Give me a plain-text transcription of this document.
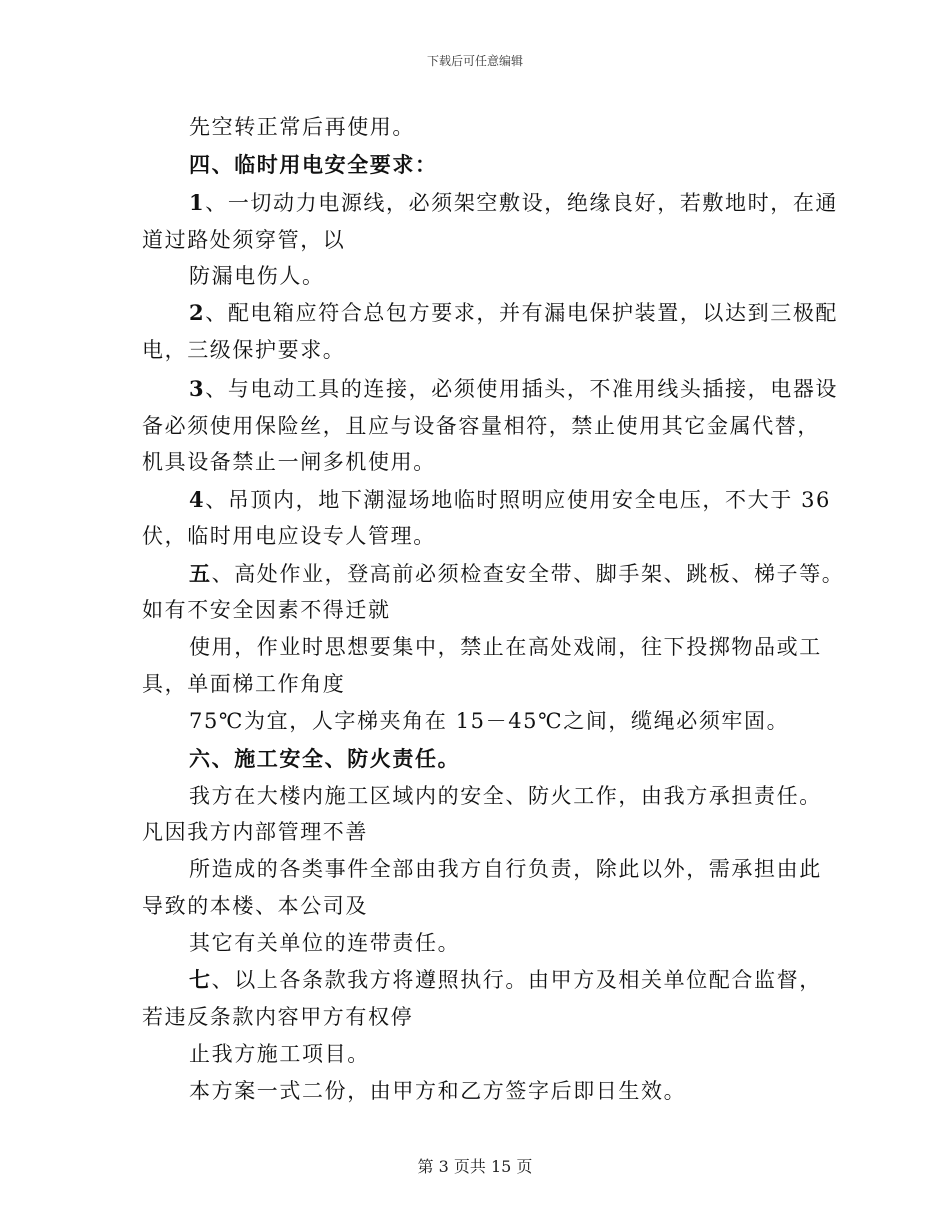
下载后可任意编辑
先空转正常后再使用。
四、临时用电安全要求：
1、一切动力电源线，必须架空敷设，绝缘良好，若敷地时，在通
道过路处须穿管，以
防漏电伤人。
2、配电箱应符合总包方要求，并有漏电保护装置，以达到三极配
电，三级保护要求。
3、与电动工具的连接，必须使用插头，不准用线头插接，电器设
备必须使用保险丝，且应与设备容量相符，禁止使用其它金属代替，
机具设备禁止一闸多机使用。
4、吊顶内，地下潮湿场地临时照明应使用安全电压，不大于 36
伏，临时用电应设专人管理。
五、高处作业，登高前必须检查安全带、脚手架、跳板、梯子等。
如有不安全因素不得迁就
使用，作业时思想要集中，禁止在高处戏闹，往下投掷物品或工
具，单面梯工作角度
75℃为宜，人字梯夹角在 15－45℃之间，缆绳必须牢固。
六、施工安全、防火责任。
我方在大楼内施工区域内的安全、防火工作，由我方承担责任。
凡因我方内部管理不善
所造成的各类事件全部由我方自行负责，除此以外，需承担由此
导致的本楼、本公司及
其它有关单位的连带责任。
七、以上各条款我方将遵照执行。由甲方及相关单位配合监督，
若违反条款内容甲方有权停
止我方施工项目。
本方案一式二份，由甲方和乙方签字后即日生效。
第 3 页共 15 页
